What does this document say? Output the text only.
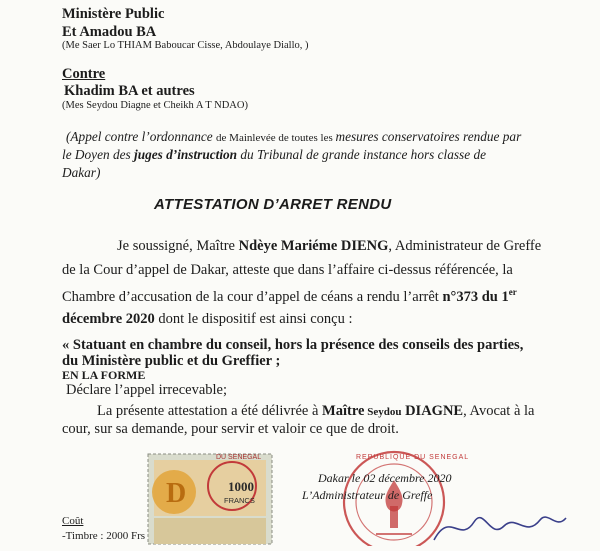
Ministère Public
Et Amadou BA
(Me Saer Lo THIAM Baboucar Cisse, Abdoulaye Diallo, )
Contre
Khadim BA et autres
(Mes Seydou Diagne et Cheikh A T NDAO)
(Appel contre l’ordonnance de Mainlevée de toutes les mesures conservatoires rendue par
le Doyen des juges d’instruction du Tribunal de grande instance hors classe de
Dakar)
ATTESTATION D’ARRET RENDU
Je soussigné, Maître Ndèye Mariéme DIENG, Administrateur de Greffe
de la Cour d’appel de Dakar, atteste que dans l’affaire ci-dessus référencée, la
Chambre d’accusation de la cour d’appel de céans a rendu l’arrêt n°373 du 1er
décembre 2020 dont le dispositif est ainsi conçu :
« Statuant en chambre du conseil, hors la présence des conseils des parties,
du Ministère public et du Greffier ;
EN LA FORME
Déclare l’appel irrecevable;
La présente attestation a été délivrée à Maître Seydou DIAGNE, Avocat à la
cour, sur sa demande, pour servir et valoir ce que de droit.
D
DU SENEGAL
1000
FRANCS
REPUBLIQUE DU SENEGAL
Dakar le 02 décembre 2020
L’Administrateur de Greffe
Coût
-Timbre : 2000 Frs
